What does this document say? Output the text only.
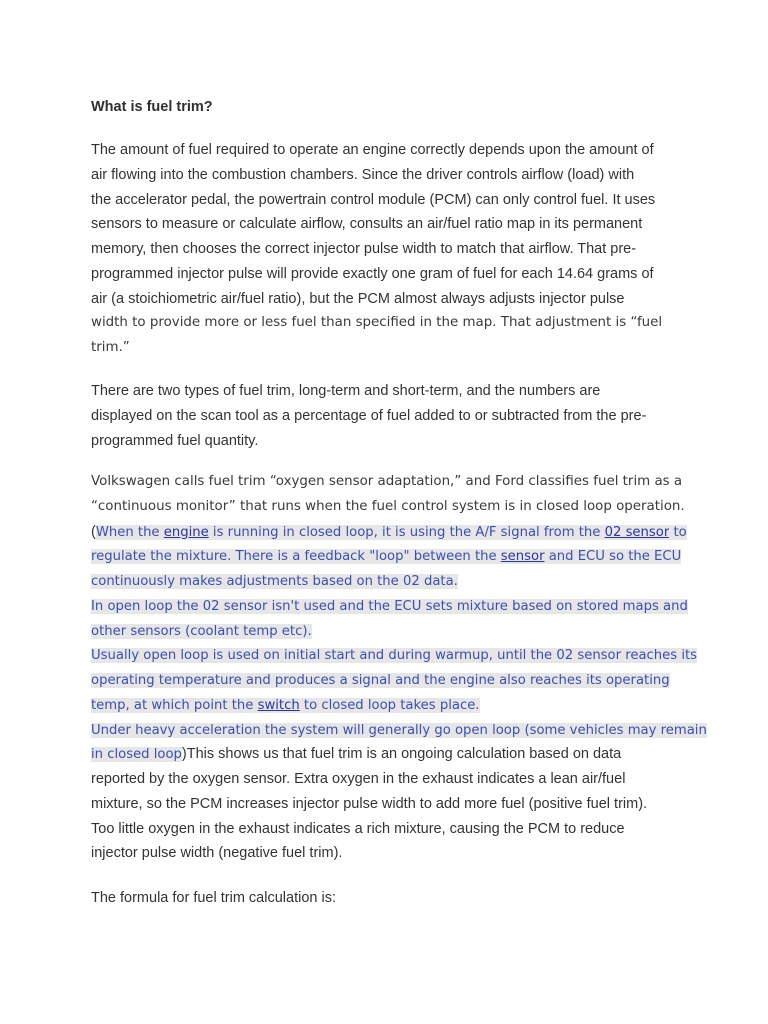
What is fuel trim?
The amount of fuel required to operate an engine correctly depends upon the amount of
air flowing into the combustion chambers. Since the driver controls airflow (load) with
the accelerator pedal, the powertrain control module (PCM) can only control fuel. It uses
sensors to measure or calculate airflow, consults an air/fuel ratio map in its permanent
memory, then chooses the correct injector pulse width to match that airflow. That pre-
programmed injector pulse will provide exactly one gram of fuel for each 14.64 grams of
air (a stoichiometric air/fuel ratio), but the PCM almost always adjusts injector pulse
width to provide more or less fuel than specified in the map. That adjustment is “fuel
trim.”
There are two types of fuel trim, long-term and short-term, and the numbers are
displayed on the scan tool as a percentage of fuel added to or subtracted from the pre-
programmed fuel quantity.
Volkswagen calls fuel trim “oxygen sensor adaptation,” and Ford classifies fuel trim as a
“continuous monitor” that runs when the fuel control system is in closed loop operation.
(When the engine is running in closed loop, it is using the A/F signal from the 02 sensor to
regulate the mixture. There is a feedback "loop" between the sensor and ECU so the ECU
continuously makes adjustments based on the 02 data.
In open loop the 02 sensor isn't used and the ECU sets mixture based on stored maps and
other sensors (coolant temp etc).
Usually open loop is used on initial start and during warmup, until the 02 sensor reaches its
operating temperature and produces a signal and the engine also reaches its operating
temp, at which point the switch to closed loop takes place.
Under heavy acceleration the system will generally go open loop (some vehicles may remain
in closed loop)This shows us that fuel trim is an ongoing calculation based on data
reported by the oxygen sensor. Extra oxygen in the exhaust indicates a lean air/fuel
mixture, so the PCM increases injector pulse width to add more fuel (positive fuel trim).
Too little oxygen in the exhaust indicates a rich mixture, causing the PCM to reduce
injector pulse width (negative fuel trim).
The formula for fuel trim calculation is:
